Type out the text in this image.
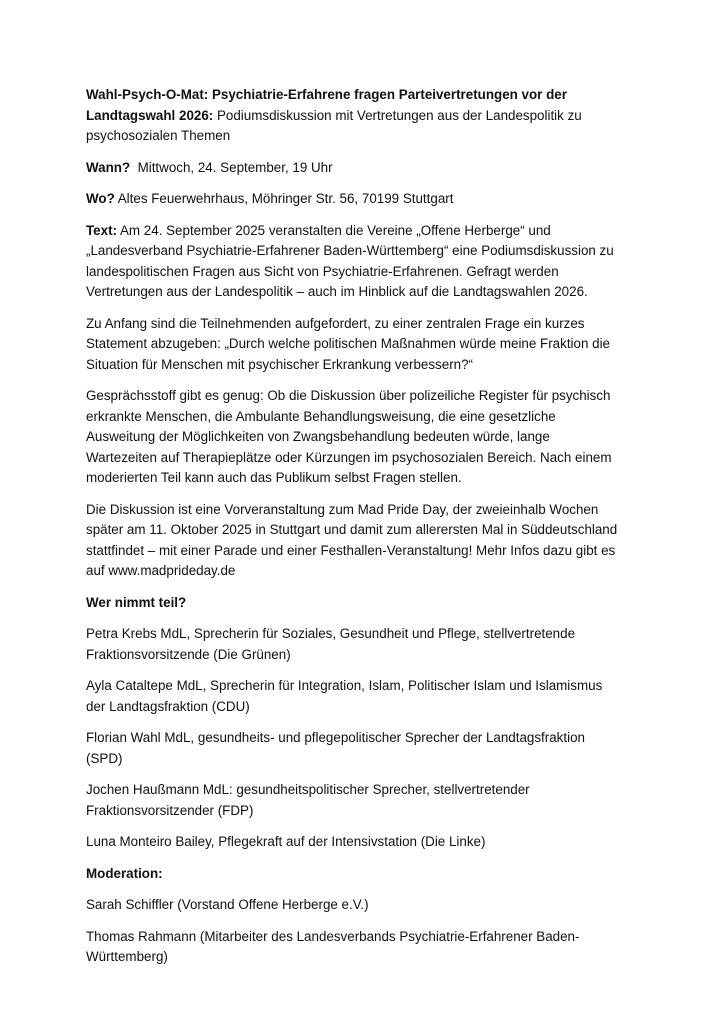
Wahl-Psych-O-Mat: Psychiatrie-Erfahrene fragen Parteivertretungen vor der Landtagswahl 2026: Podiumsdiskussion mit Vertretungen aus der Landespolitik zu psychosozialen Themen

Wann?  Mittwoch, 24. September, 19 Uhr

Wo? Altes Feuerwehrhaus, Möhringer Str. 56, 70199 Stuttgart

Text: Am 24. September 2025 veranstalten die Vereine „Offene Herberge“ und „Landesverband Psychiatrie-Erfahrener Baden-Württemberg“ eine Podiumsdiskussion zu landespolitischen Fragen aus Sicht von Psychiatrie-Erfahrenen. Gefragt werden Vertretungen aus der Landespolitik – auch im Hinblick auf die Landtagswahlen 2026.

Zu Anfang sind die Teilnehmenden aufgefordert, zu einer zentralen Frage ein kurzes Statement abzugeben: „Durch welche politischen Maßnahmen würde meine Fraktion die Situation für Menschen mit psychischer Erkrankung verbessern?“

Gesprächsstoff gibt es genug: Ob die Diskussion über polizeiliche Register für psychisch erkrankte Menschen, die Ambulante Behandlungsweisung, die eine gesetzliche Ausweitung der Möglichkeiten von Zwangsbehandlung bedeuten würde, lange Wartezeiten auf Therapieplätze oder Kürzungen im psychosozialen Bereich. Nach einem moderierten Teil kann auch das Publikum selbst Fragen stellen.

Die Diskussion ist eine Vorveranstaltung zum Mad Pride Day, der zweieinhalb Wochen später am 11. Oktober 2025 in Stuttgart und damit zum allerersten Mal in Süddeutschland stattfindet – mit einer Parade und einer Festhallen-Veranstaltung! Mehr Infos dazu gibt es auf www.madprideday.de

Wer nimmt teil?

Petra Krebs MdL, Sprecherin für Soziales, Gesundheit und Pflege, stellvertretende Fraktionsvorsitzende (Die Grünen)

Ayla Cataltepe MdL, Sprecherin für Integration, Islam, Politischer Islam und Islamismus der Landtagsfraktion (CDU)

Florian Wahl MdL, gesundheits- und pflegepolitischer Sprecher der Landtagsfraktion (SPD)

Jochen Haußmann MdL: gesundheitspolitischer Sprecher, stellvertretender Fraktionsvorsitzender (FDP)

Luna Monteiro Bailey, Pflegekraft auf der Intensivstation (Die Linke)

Moderation:

Sarah Schiffler (Vorstand Offene Herberge e.V.)

Thomas Rahmann (Mitarbeiter des Landesverbands Psychiatrie-Erfahrener Baden-Württemberg)
